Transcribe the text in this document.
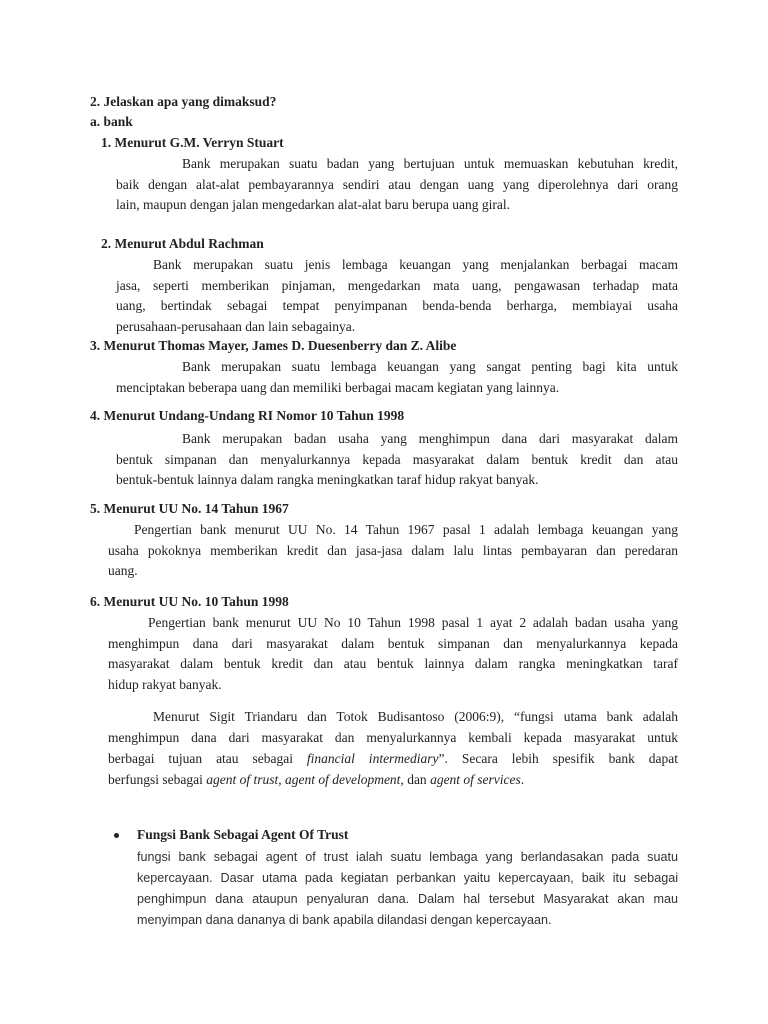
2. Jelaskan apa yang dimaksud?
a. bank
1. Menurut G.M. Verryn Stuart
Bank merupakan suatu badan yang bertujuan untuk memuaskan kebutuhan kredit,
baik dengan alat-alat pembayarannya sendiri atau dengan uang yang diperolehnya dari orang
lain, maupun dengan jalan mengedarkan alat-alat baru berupa uang giral.
2. Menurut Abdul Rachman
Bank merupakan suatu jenis lembaga keuangan yang menjalankan berbagai macam
jasa, seperti memberikan pinjaman, mengedarkan mata uang, pengawasan terhadap mata
uang, bertindak sebagai tempat penyimpanan benda-benda berharga, membiayai usaha
perusahaan-perusahaan dan lain sebagainya.
3. Menurut Thomas Mayer, James D. Duesenberry dan Z. Alibe
Bank merupakan suatu lembaga keuangan yang sangat penting bagi kita untuk
menciptakan beberapa uang dan memiliki berbagai macam kegiatan yang lainnya.
4. Menurut Undang-Undang RI Nomor 10 Tahun 1998
Bank merupakan badan usaha yang menghimpun dana dari masyarakat dalam
bentuk simpanan dan menyalurkannya kepada masyarakat dalam bentuk kredit dan atau
bentuk-bentuk lainnya dalam rangka meningkatkan taraf hidup rakyat banyak.
5. Menurut UU No. 14 Tahun 1967
Pengertian bank menurut UU No. 14 Tahun 1967 pasal 1 adalah lembaga keuangan yang
usaha pokoknya memberikan kredit dan jasa-jasa dalam lalu lintas pembayaran dan peredaran
uang.
6. Menurut UU No. 10 Tahun 1998
Pengertian bank menurut UU No 10 Tahun 1998 pasal 1 ayat 2 adalah badan usaha yang
menghimpun dana dari masyarakat dalam bentuk simpanan dan menyalurkannya kepada
masyarakat dalam bentuk kredit dan atau bentuk lainnya dalam rangka meningkatkan taraf
hidup rakyat banyak.
Menurut Sigit Triandaru dan Totok Budisantoso (2006:9), “fungsi utama bank adalah
menghimpun dana dari masyarakat dan menyalurkannya kembali kepada masyarakat untuk
berbagai tujuan atau sebagai financial intermediary”. Secara lebih spesifik bank dapat
berfungsi sebagai agent of trust, agent of development, dan agent of services.
Fungsi Bank Sebagai Agent Of Trust
fungsi bank sebagai agent of trust ialah suatu lembaga yang berlandasakan pada suatu
kepercayaan. Dasar utama pada kegiatan perbankan yaitu kepercayaan, baik itu sebagai
penghimpun dana ataupun penyaluran dana. Dalam hal tersebut Masyarakat akan mau
menyimpan dana dananya di bank apabila dilandasi dengan kepercayaan.
